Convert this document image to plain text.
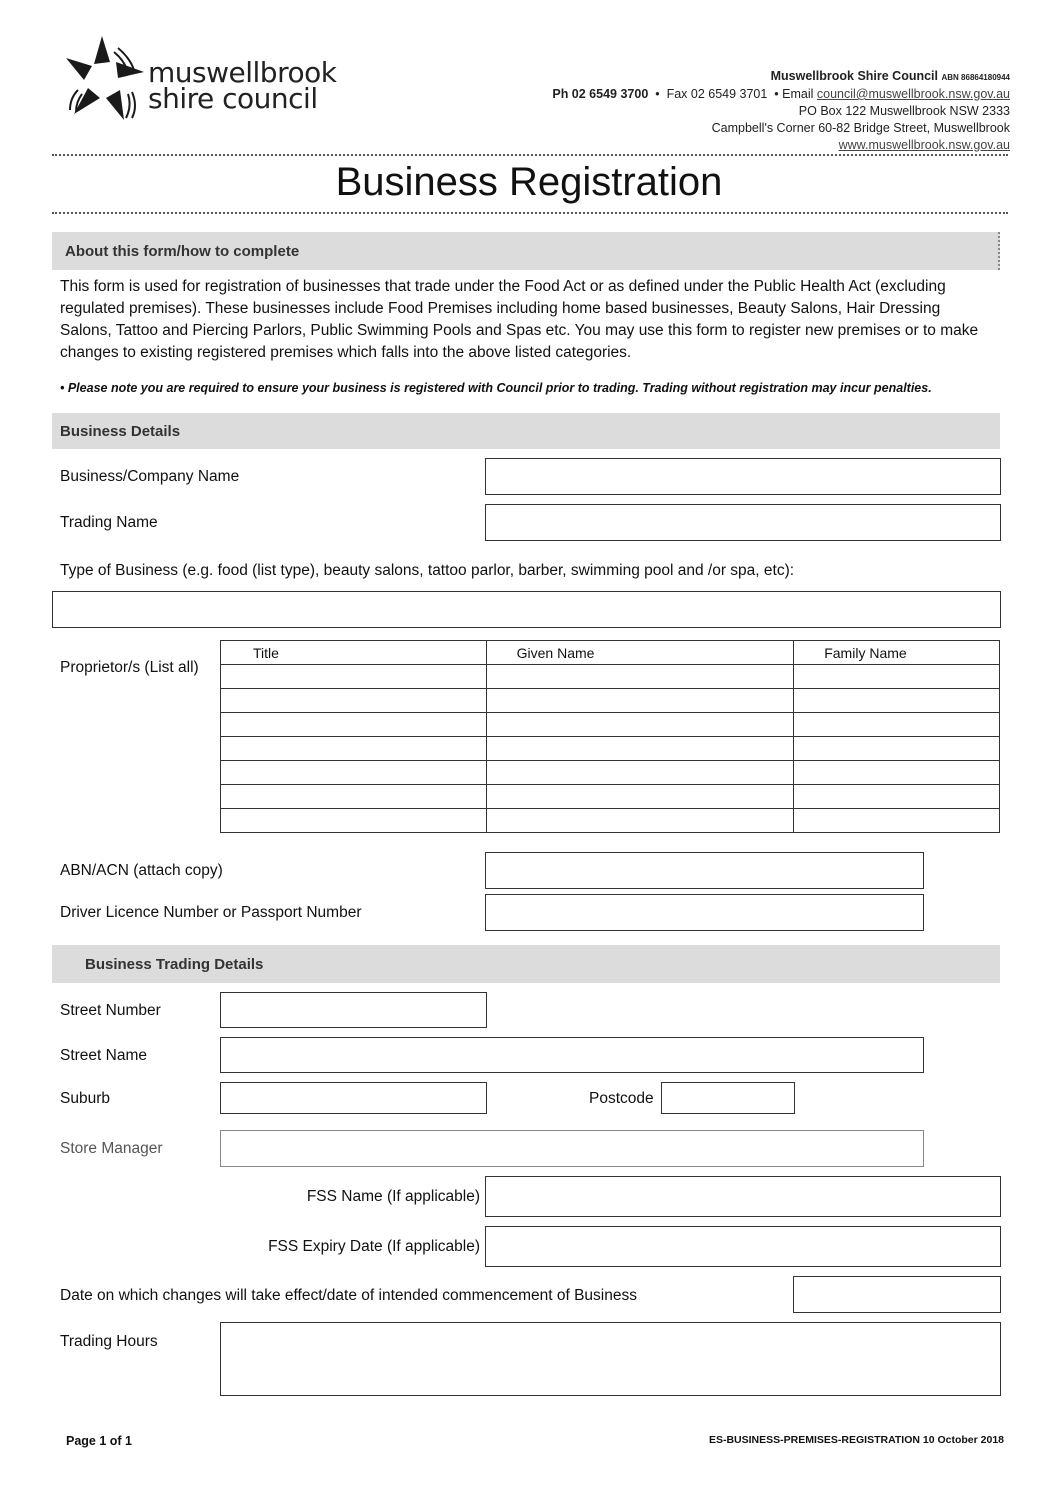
muswellbrook
shire council
Muswellbrook Shire Council ABN 86864180944
Ph 02 6549 3700  •  Fax 02 6549 3701  • Email council@muswellbrook.nsw.gov.au
PO Box 122 Muswellbrook NSW 2333
Campbell's Corner 60-82 Bridge Street, Muswellbrook
www.muswellbrook.nsw.gov.au
Business Registration
About this form/how to complete
This form is used for registration of businesses that trade under the Food Act or as defined under the Public Health Act (excluding regulated premises). These businesses include Food Premises including home based businesses, Beauty Salons, Hair Dressing Salons, Tattoo and Piercing Parlors, Public Swimming Pools and Spas etc. You may use this form to register new premises or to make changes to existing registered premises which falls into the above listed categories.
• Please note you are required to ensure your business is registered with Council prior to trading. Trading without registration may incur penalties.
Business Details
Business/Company Name
Trading Name
Type of Business (e.g. food (list type), beauty salons, tattoo parlor, barber, swimming pool and /or spa, etc):
Proprietor/s (List all)
Title	Given Name	Family Name

ABN/ACN (attach copy)
Driver Licence Number or Passport Number
Business Trading Details
Street Number
Street Name
Suburb	Postcode
Store Manager
FSS Name (If applicable)
FSS Expiry Date (If applicable)
Date on which changes will take effect/date of intended commencement of Business
Trading Hours
Page 1 of 1	ES-BUSINESS-PREMISES-REGISTRATION 10 October 2018
